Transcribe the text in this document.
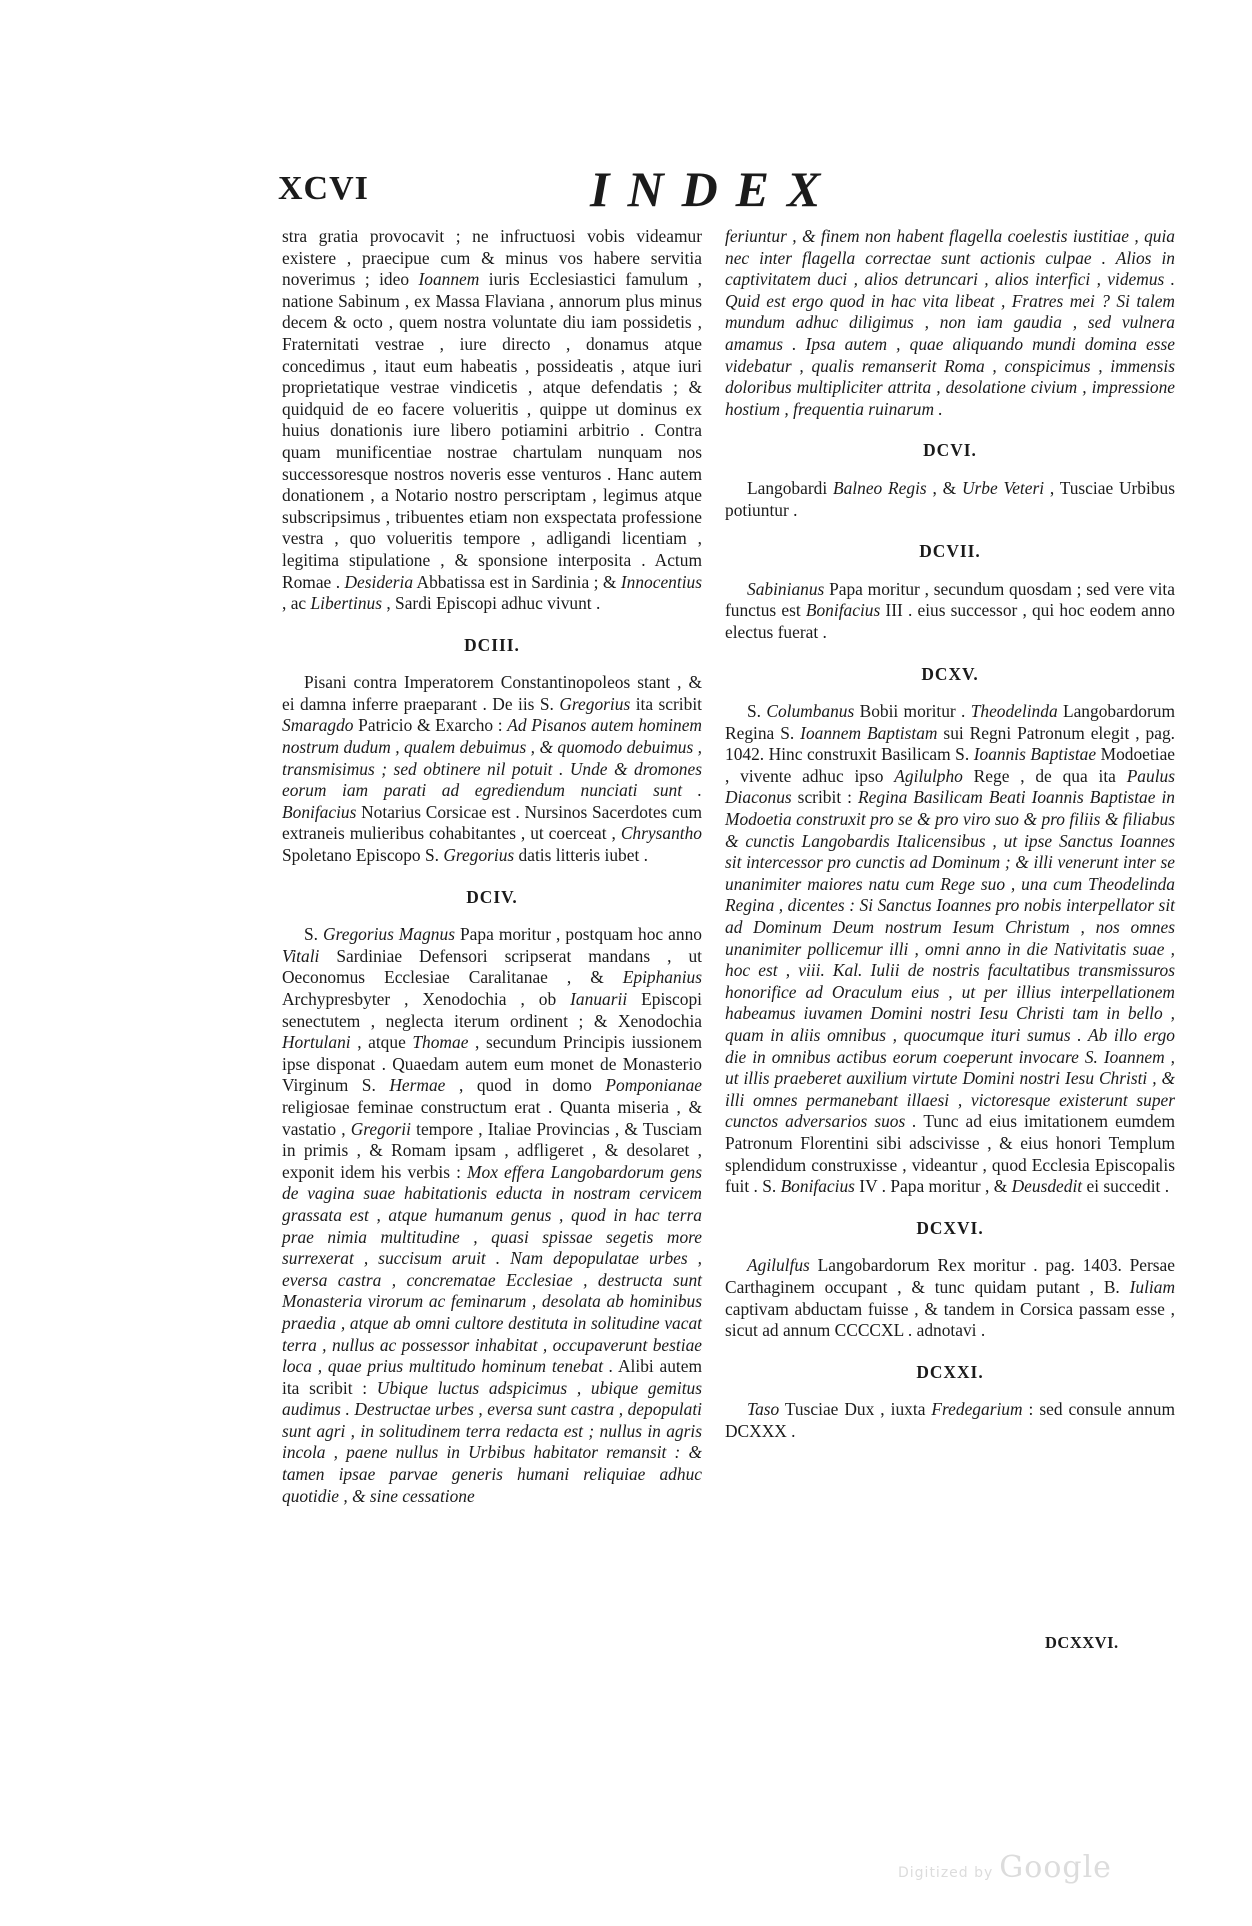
XCVI	INDEX

stra gratia provocavit ; ne infructuosi vobis videamur existere , praecipue cum & minus vos habere servitia noverimus ; ideo Ioannem iuris Ecclesiastici famulum , natione Sabinum , ex Massa Flaviana , annorum plus minus decem & octo , quem nostra voluntate diu iam possidetis , Fraternitati vestrae , iure directo , donamus atque concedimus , itaut eum habeatis , possideatis , atque iuri proprietatique vestrae vindicetis , atque defendatis ; & quidquid de eo facere volueritis , quippe ut dominus ex huius donationis iure libero potiamini arbitrio . Contra quam munificentiae nostrae chartulam nunquam nos successoresque nostros noveris esse venturos . Hanc autem donationem , a Notario nostro perscriptam , legimus atque subscripsimus , tribuentes etiam non exspectata professione vestra , quo volueritis tempore , adligandi licentiam , legitima stipulatione , & sponsione interposita . Actum Romae . Desideria Abbatissa est in Sardinia ; & Innocentius , ac Libertinus , Sardi Episcopi adhuc vivunt .

DCIII.

Pisani contra Imperatorem Constantinopoleos stant , & ei damna inferre praeparant . De iis S. Gregorius ita scribit Smaragdo Patricio & Exarcho : Ad Pisanos autem hominem nostrum dudum , qualem debuimus , & quomodo debuimus , transmisimus ; sed obtinere nil potuit . Unde & dromones eorum iam parati ad egrediendum nunciati sunt . Bonifacius Notarius Corsicae est . Nursinos Sacerdotes cum extraneis mulieribus cohabitantes , ut coerceat , Chrysantho Spoletano Episcopo S. Gregorius datis litteris iubet .

DCIV.

S. Gregorius Magnus Papa moritur , postquam hoc anno Vitali Sardiniae Defensori scripserat mandans , ut Oeconomus Ecclesiae Caralitanae , & Epiphanius Archypresbyter , Xenodochia , ob Ianuarii Episcopi senectutem , neglecta iterum ordinent ; & Xenodochia Hortulani , atque Thomae , secundum Principis iussionem ipse disponat . Quaedam autem eum monet de Monasterio Virginum S. Hermae , quod in domo Pomponianae religiosae feminae constructum erat . Quanta miseria , & vastatio , Gregorii tempore , Italiae Provincias , & Tusciam in primis , & Romam ipsam , adfligeret , & desolaret , exponit idem his verbis : Mox effera Langobardorum gens de vagina suae habitationis educta in nostram cervicem grassata est , atque humanum genus , quod in hac terra prae nimia multitudine , quasi spissae segetis more surrexerat , succisum aruit . Nam depopulatae urbes , eversa castra , concrematae Ecclesiae , destructa sunt Monasteria virorum ac feminarum , desolata ab hominibus praedia , atque ab omni cultore destituta in solitudine vacat terra , nullus ac possessor inhabitat , occupaverunt bestiae loca , quae prius multitudo hominum tenebat . Alibi autem ita scribit : Ubique luctus adspicimus , ubique gemitus audimus . Destructae urbes , eversa sunt castra , depopulati sunt agri , in solitudinem terra redacta est ; nullus in agris incola , paene nullus in Urbibus habitator remansit : & tamen ipsae parvae generis humani reliquiae adhuc quotidie , & sine cessatione

feriuntur , & finem non habent flagella coelestis iustitiae , quia nec inter flagella correctae sunt actionis culpae . Alios in captivitatem duci , alios detruncari , alios interfici , videmus . Quid est ergo quod in hac vita libeat , Fratres mei ? Si talem mundum adhuc diligimus , non iam gaudia , sed vulnera amamus . Ipsa autem , quae aliquando mundi domina esse videbatur , qualis remanserit Roma , conspicimus , immensis doloribus multipliciter attrita , desolatione civium , impressione hostium , frequentia ruinarum .

DCVI.

Langobardi Balneo Regis , & Urbe Veteri , Tusciae Urbibus potiuntur .

DCVII.

Sabinianus Papa moritur , secundum quosdam ; sed vere vita functus est Bonifacius III . eius successor , qui hoc eodem anno electus fuerat .

DCXV.

S. Columbanus Bobii moritur . Theodelinda Langobardorum Regina S. Ioannem Baptistam sui Regni Patronum elegit , pag. 1042. Hinc construxit Basilicam S. Ioannis Baptistae Modoetiae , vivente adhuc ipso Agilulpho Rege , de qua ita Paulus Diaconus scribit : Regina Basilicam Beati Ioannis Baptistae in Modoetia construxit pro se & pro viro suo & pro filiis & filiabus & cunctis Langobardis Italicensibus , ut ipse Sanctus Ioannes sit intercessor pro cunctis ad Dominum ; & illi venerunt inter se unanimiter maiores natu cum Rege suo , una cum Theodelinda Regina , dicentes : Si Sanctus Ioannes pro nobis interpellator sit ad Dominum Deum nostrum Iesum Christum , nos omnes unanimiter pollicemur illi , omni anno in die Nativitatis suae , hoc est , viii. Kal. Iulii de nostris facultatibus transmissuros honorifice ad Oraculum eius , ut per illius interpellationem habeamus iuvamen Domini nostri Iesu Christi tam in bello , quam in aliis omnibus , quocumque ituri sumus . Ab illo ergo die in omnibus actibus eorum coeperunt invocare S. Ioannem , ut illis praeberet auxilium virtute Domini nostri Iesu Christi , & illi omnes permanebant illaesi , victoresque existerunt super cunctos adversarios suos . Tunc ad eius imitationem eumdem Patronum Florentini sibi adscivisse , & eius honori Templum splendidum construxisse , videantur , quod Ecclesia Episcopalis fuit . S. Bonifacius IV . Papa moritur , & Deusdedit ei succedit .

DCXVI.

Agilulfus Langobardorum Rex moritur . pag. 1403. Persae Carthaginem occupant , & tunc quidam putant , B. Iuliam captivam abductam fuisse , & tandem in Corsica passam esse , sicut ad annum CCCCXL . adnotavi .

DCXXI.

Taso Tusciae Dux , iuxta Fredegarium : sed consule annum DCXXX .

DCXXVI.
Digitized by Google
